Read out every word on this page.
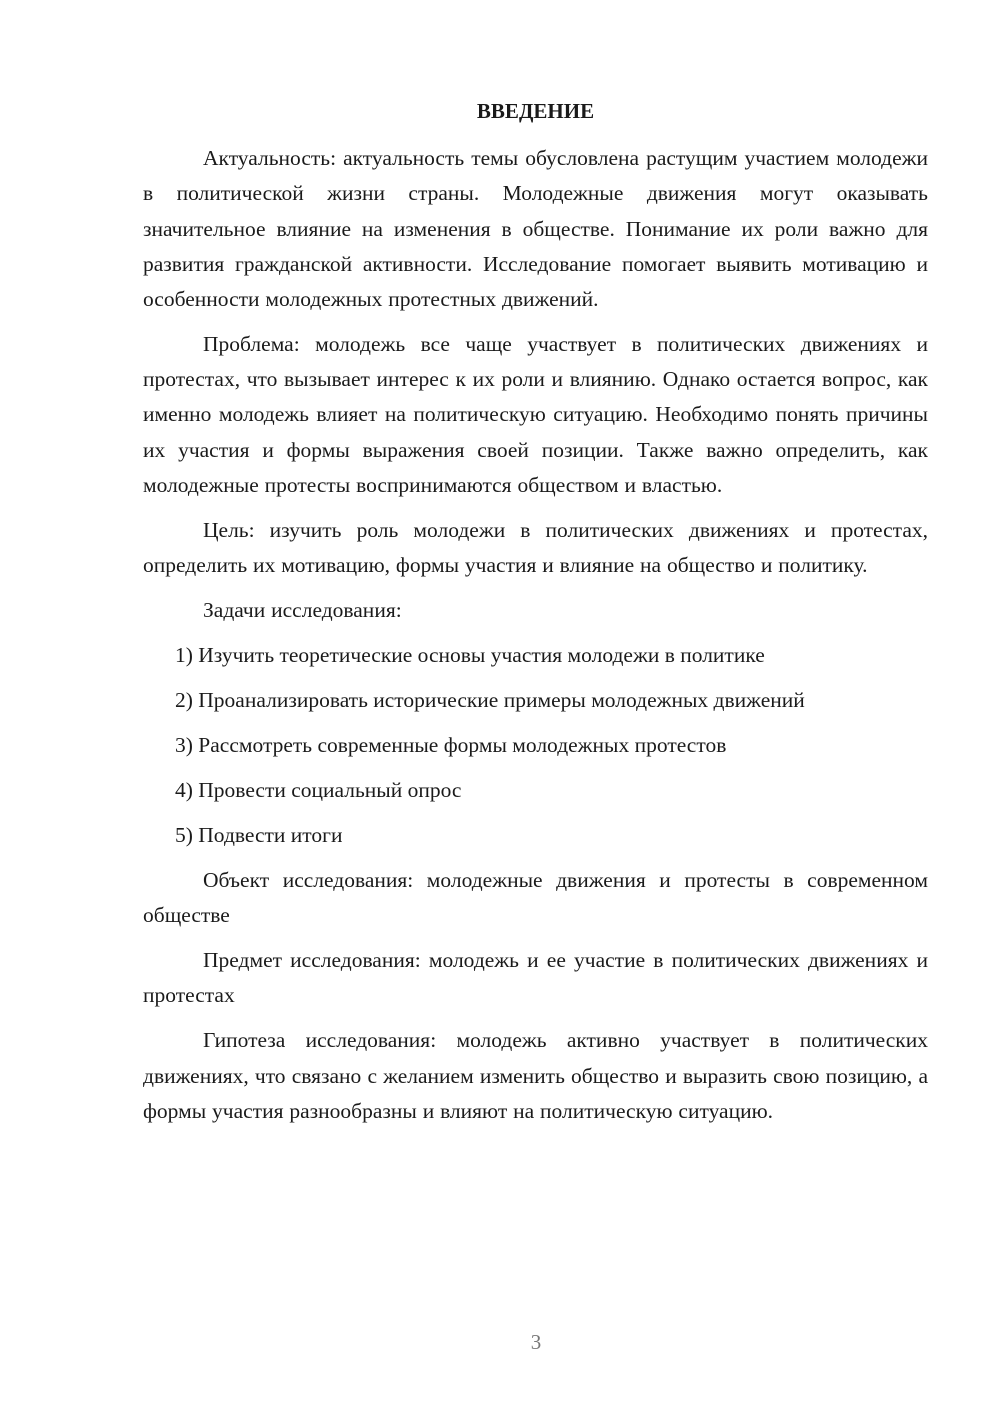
ВВЕДЕНИЕ

Актуальность: актуальность темы обусловлена растущим участием молодежи в политической жизни страны. Молодежные движения могут оказывать значительное влияние на изменения в обществе. Понимание их роли важно для развития гражданской активности. Исследование помогает выявить мотивацию и особенности молодежных протестных движений.

Проблема: молодежь все чаще участвует в политических движениях и протестах, что вызывает интерес к их роли и влиянию. Однако остается вопрос, как именно молодежь влияет на политическую ситуацию. Необходимо понять причины их участия и формы выражения своей позиции. Также важно определить, как молодежные протесты воспринимаются обществом и властью.

Цель: изучить роль молодежи в политических движениях и протестах, определить их мотивацию, формы участия и влияние на общество и политику.

Задачи исследования:

1) Изучить теоретические основы участия молодежи в политике
2) Проанализировать исторические примеры молодежных движений
3) Рассмотреть современные формы молодежных протестов
4) Провести социальный опрос
5) Подвести итоги

Объект исследования: молодежные движения и протесты в современном обществе

Предмет исследования: молодежь и ее участие в политических движениях и протестах

Гипотеза исследования: молодежь активно участвует в политических движениях, что связано с желанием изменить общество и выразить свою позицию, а формы участия разнообразны и влияют на политическую ситуацию.

3
